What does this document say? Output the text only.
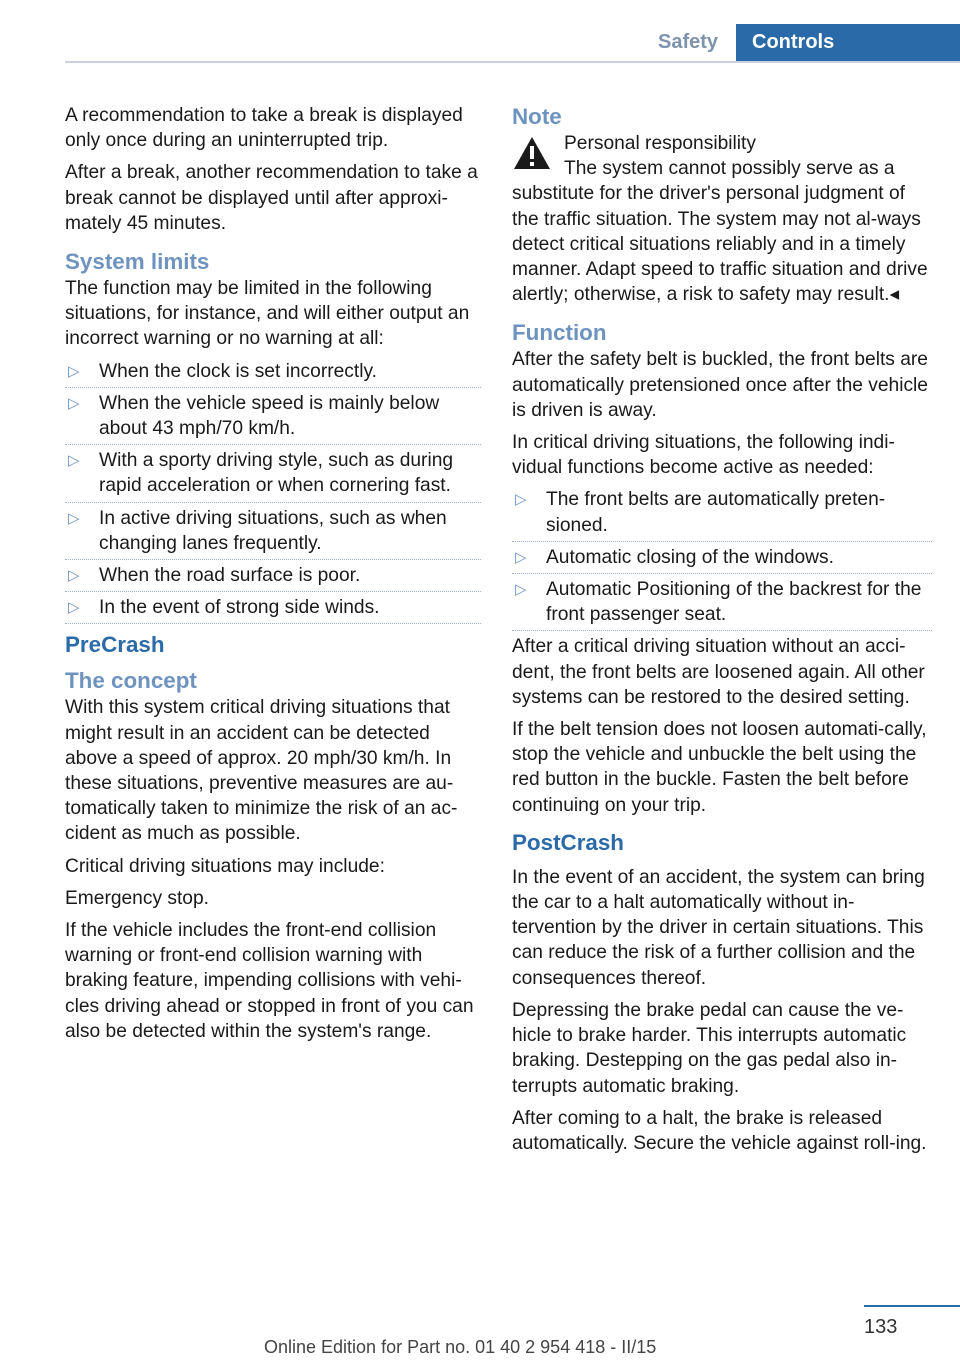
Safety	Controls

A recommendation to take a break is displayed only once during an uninterrupted trip.

After a break, another recommendation to take a break cannot be displayed until after approxi-mately 45 minutes.

System limits

The function may be limited in the following situations, for instance, and will either output an incorrect warning or no warning at all:

▷ When the clock is set incorrectly.
▷ When the vehicle speed is mainly below about 43 mph/70 km/h.
▷ With a sporty driving style, such as during rapid acceleration or when cornering fast.
▷ In active driving situations, such as when changing lanes frequently.
▷ When the road surface is poor.
▷ In the event of strong side winds.
PreCrash
The concept

With this system critical driving situations that might result in an accident can be detected above a speed of approx. 20 mph/30 km/h. In these situations, preventive measures are au-tomatically taken to minimize the risk of an ac-cident as much as possible.

Critical driving situations may include:

Emergency stop.

If the vehicle includes the front-end collision warning or front-end collision warning with braking feature, impending collisions with vehi-cles driving ahead or stopped in front of you can also be detected within the system's range.

Note
Personal responsibility
The system cannot possibly serve as a

substitute for the driver's personal judgment of the traffic situation. The system may not al-ways detect critical situations reliably and in a timely manner. Adapt speed to traffic situation and drive alertly; otherwise, a risk to safety may result.◂

Function

After the safety belt is buckled, the front belts are automatically pretensioned once after the vehicle is driven is away.

In critical driving situations, the following indi-vidual functions become active as needed:

▷ The front belts are automatically preten-sioned.
▷ Automatic closing of the windows.
▷ Automatic Positioning of the backrest for the front passenger seat.

After a critical driving situation without an acci-dent, the front belts are loosened again. All other systems can be restored to the desired setting.

If the belt tension does not loosen automati-cally, stop the vehicle and unbuckle the belt using the red button in the buckle. Fasten the belt before continuing on your trip.

PostCrash

In the event of an accident, the system can bring the car to a halt automatically without in-tervention by the driver in certain situations. This can reduce the risk of a further collision and the consequences thereof.

Depressing the brake pedal can cause the ve-hicle to brake harder. This interrupts automatic braking. Destepping on the gas pedal also in-terrupts automatic braking.

After coming to a halt, the brake is released automatically. Secure the vehicle against roll-ing.

133
Online Edition for Part no. 01 40 2 954 418 - II/15
